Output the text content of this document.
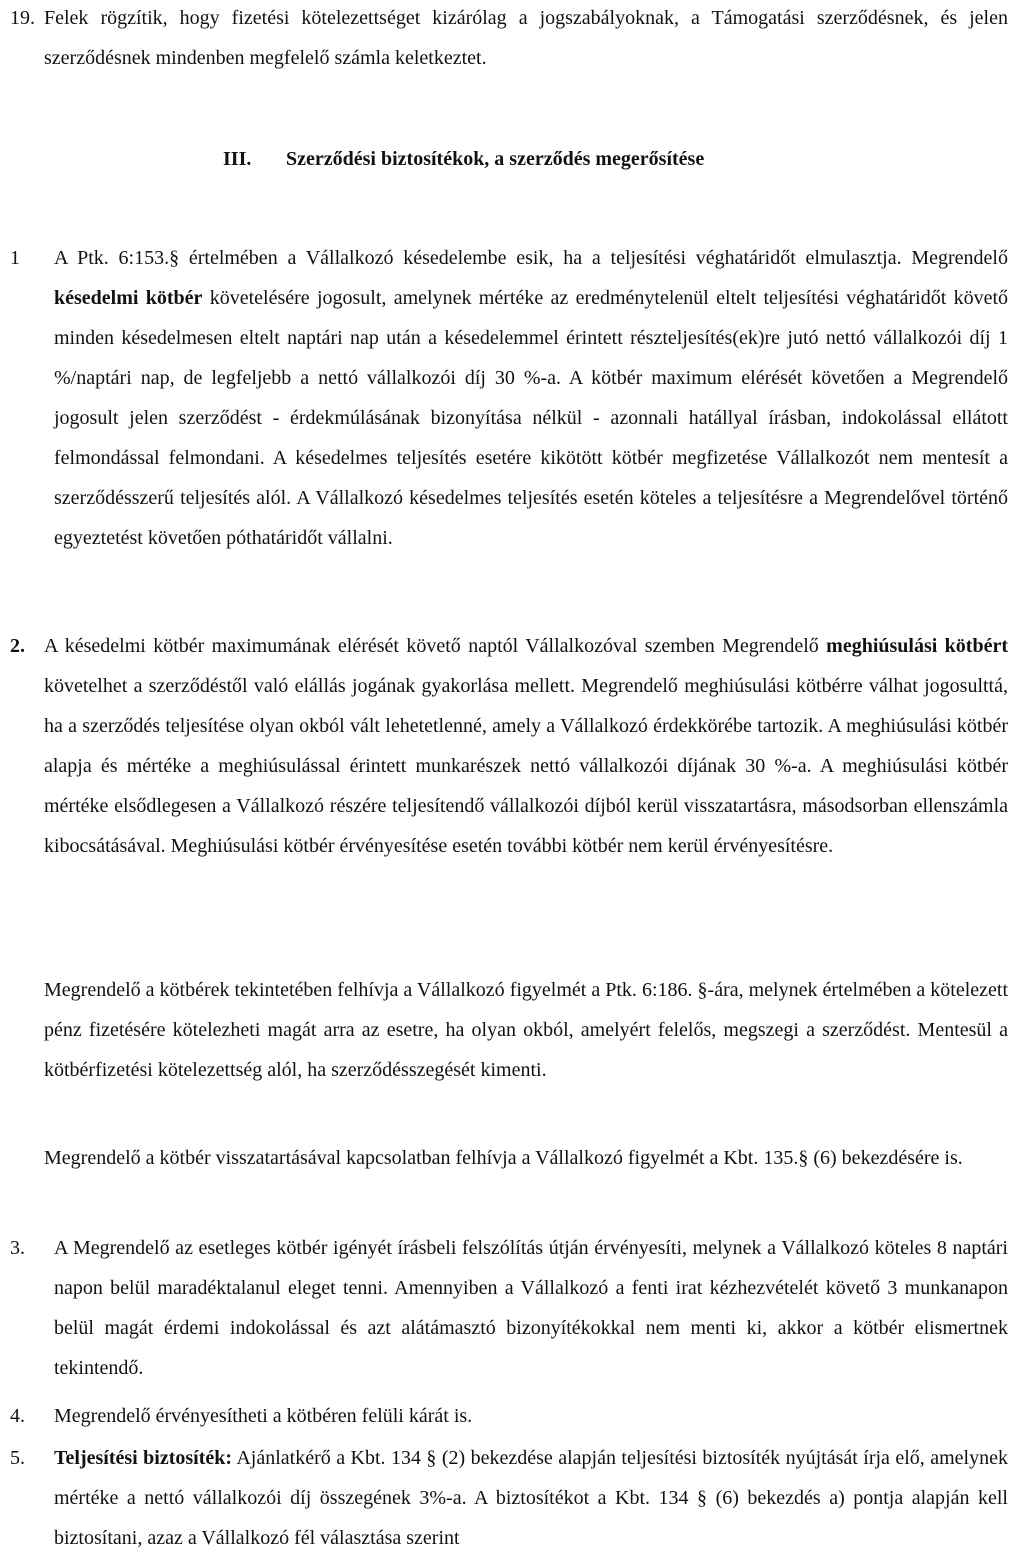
19. Felek rögzítik, hogy fizetési kötelezettséget kizárólag a jogszabályoknak, a Támogatási szerződésnek, és jelen szerződésnek mindenben megfelelő számla keletkeztet.
III. Szerződési biztosítékok, a szerződés megerősítése
1 A Ptk. 6:153.§ értelmében a Vállalkozó késedelembe esik, ha a teljesítési véghatáridőt elmulasztja. Megrendelő késedelmi kötbér követelésére jogosult, amelynek mértéke az eredménytelenül eltelt teljesítési véghatáridőt követő minden késedelmesen eltelt naptári nap után a késedelemmel érintett részteljesítés(ek)re jutó nettó vállalkozói díj 1 %/naptári nap, de legfeljebb a nettó vállalkozói díj 30 %-a. A kötbér maximum elérését követően a Megrendelő jogosult jelen szerződést - érdekmúlásának bizonyítása nélkül - azonnali hatállyal írásban, indokolással ellátott felmondással felmondani. A késedelmes teljesítés esetére kikötött kötbér megfizetése Vállalkozót nem mentesít a szerződésszerű teljesítés alól. A Vállalkozó késedelmes teljesítés esetén köteles a teljesítésre a Megrendelővel történő egyeztetést követően póthatáridőt vállalni.
2. A késedelmi kötbér maximumának elérését követő naptól Vállalkozóval szemben Megrendelő meghiúsulási kötbért követelhet a szerződéstől való elállás jogának gyakorlása mellett. Megrendelő meghiúsulási kötbérre válhat jogosulttá, ha a szerződés teljesítése olyan okból vált lehetetlenné, amely a Vállalkozó érdekkörébe tartozik. A meghiúsulási kötbér alapja és mértéke a meghiúsulással érintett munkarészek nettó vállalkozói díjának 30 %-a. A meghiúsulási kötbér mértéke elsődlegesen a Vállalkozó részére teljesítendő vállalkozói díjból kerül visszatartásra, másodsorban ellenszámla kibocsátásával. Meghiúsulási kötbér érvényesítése esetén további kötbér nem kerül érvényesítésre.
Megrendelő a kötbérek tekintetében felhívja a Vállalkozó figyelmét a Ptk. 6:186. §-ára, melynek értelmében a kötelezett pénz fizetésére kötelezheti magát arra az esetre, ha olyan okból, amelyért felelős, megszegi a szerződést. Mentesül a kötbérfizetési kötelezettség alól, ha szerződésszegését kimenti.
Megrendelő a kötbér visszatartásával kapcsolatban felhívja a Vállalkozó figyelmét a Kbt. 135.§ (6) bekezdésére is.
3. A Megrendelő az esetleges kötbér igényét írásbeli felszólítás útján érvényesíti, melynek a Vállalkozó köteles 8 naptári napon belül maradéktalanul eleget tenni. Amennyiben a Vállalkozó a fenti irat kézhezvételét követő 3 munkanapon belül magát érdemi indokolással és azt alátámasztó bizonyítékokkal nem menti ki, akkor a kötbér elismertnek tekintendő.
4. Megrendelő érvényesítheti a kötbéren felüli kárát is.
5. Teljesítési biztosíték: Ajánlatkérő a Kbt. 134 § (2) bekezdése alapján teljesítési biztosíték nyújtását írja elő, amelynek mértéke a nettó vállalkozói díj összegének 3%-a. A biztosítékot a Kbt. 134 § (6) bekezdés a) pontja alapján kell biztosítani, azaz a Vállalkozó fél választása szerint
